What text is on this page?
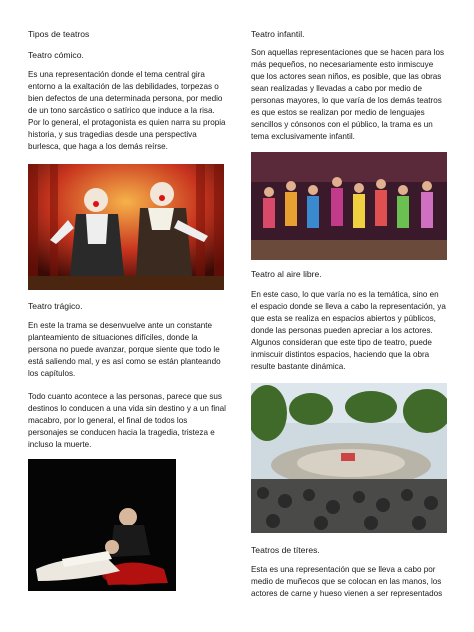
Tipos de teatros
Teatro cómico.
Es una representación donde el tema central gira entorno a la exaltación de las debilidades, torpezas o bien defectos de una determinada persona, por medio de un tono sarcástico o satírico que induce a la risa. Por lo general, el protagonista es quien narra su propia historia, y sus tragedias desde una perspectiva burlesca, que haga a los demás reírse.
Teatro trágico.
En este la trama se desenvuelve ante un constante planteamiento de situaciones difíciles, donde la persona no puede avanzar, porque siente que todo le está saliendo mal, y es así como se están planteando los capítulos.
Todo cuanto acontece a las personas, parece que sus destinos lo conducen a una vida sin destino y a un final macabro, por lo general, el final de todos los personajes se conducen hacia la tragedia, tristeza e incluso la muerte.
Teatro infantil.
Son aquellas representaciones que se hacen para los más pequeños, no necesariamente esto inmiscuye que los actores sean niños, es posible, que las obras sean realizadas y llevadas a cabo por medio de personas mayores, lo que varía de los demás teatros es que estos se realizan por medio de lenguajes sencillos y cónsonos con el público, la trama es un tema exclusivamente infantil.
Teatro al aire libre.
En este caso, lo que varía no es la temática, sino en el espacio donde se lleva a cabo la representación, ya que esta se realiza en espacios abiertos y públicos, donde las personas pueden apreciar a los actores. Algunos consideran que este tipo de teatro, puede inmiscuir distintos espacios, haciendo que la obra resulte bastante dinámica.
Teatros de títeres.
Esta es una representación que se lleva a cabo por medio de muñecos que se colocan en las manos, los actores de carne y hueso vienen a ser representados
